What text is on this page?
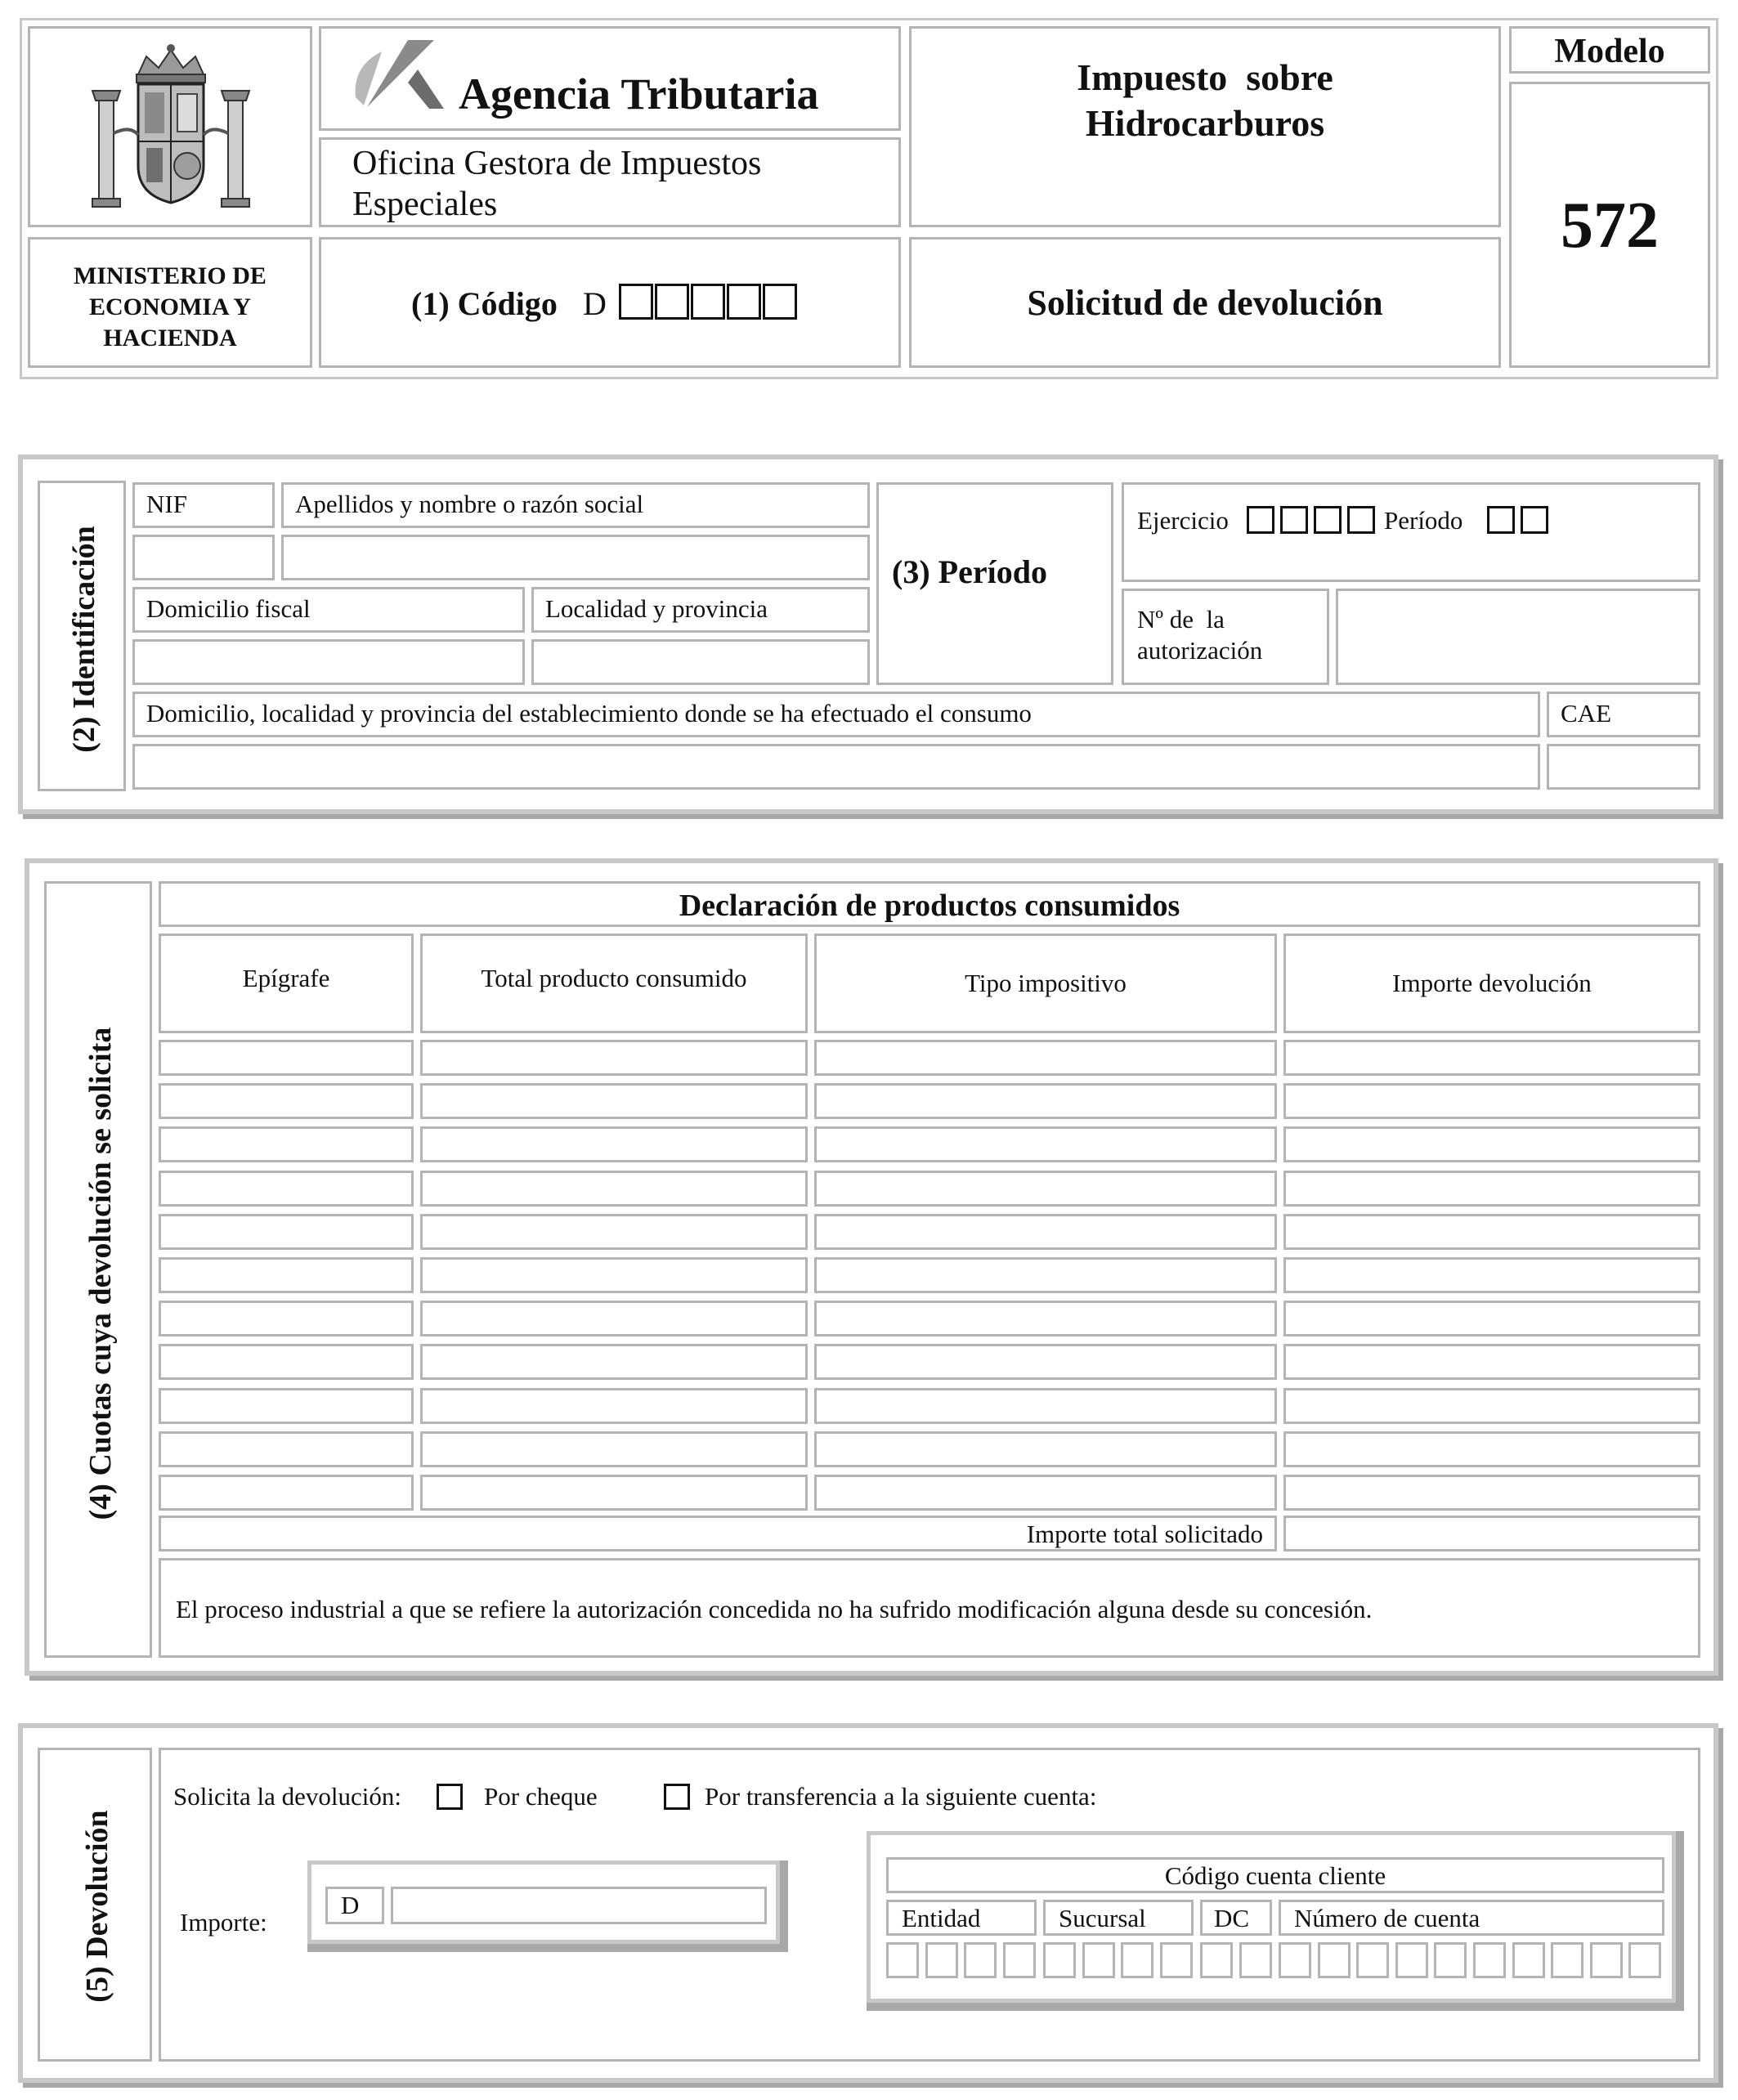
MINISTERIO DE
ECONOMIA Y
HACIENDA
Agencia Tributaria
Oficina Gestora de Impuestos
Especiales
(1) Código D
Impuesto  sobre
Hidrocarburos
Solicitud de devolución
Modelo
572
(2) Identificación
NIF	Apellidos y nombre o razón social
Domicilio fiscal	Localidad y provincia
(3) Período
Ejercicio	Período
Nº de  la
autorización
Domicilio, localidad y provincia del establecimiento donde se ha efectuado el consumo	CAE
(4) Cuotas cuya devolución se solicita
Declaración de productos consumidos
Epígrafe	Total producto consumido	Tipo impositivo	Importe devolución
Importe total solicitado
El proceso industrial a que se refiere la autorización concedida no ha sufrido modificación alguna desde su concesión.
(5) Devolución
Solicita la devolución:	Por cheque	Por transferencia a la siguiente cuenta:
Importe:
D
Código cuenta cliente
Entidad	Sucursal	DC Número de cuenta
